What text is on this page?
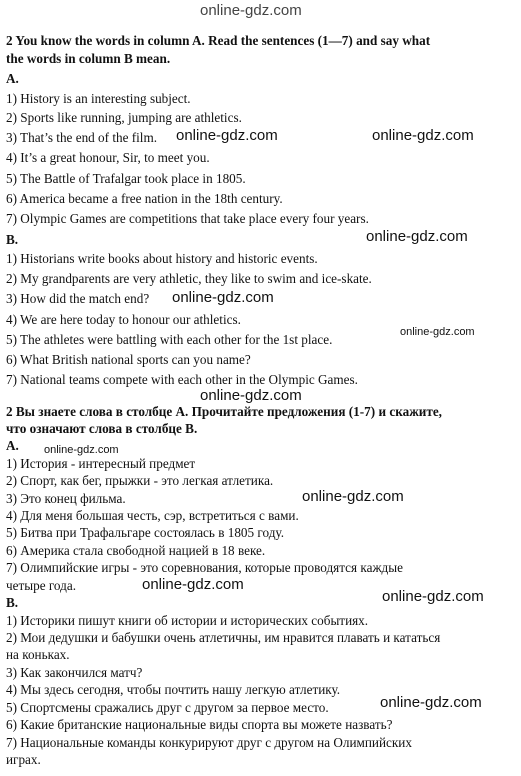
2 You know the words in column A. Read the sentences (1—7) and say what
the words in column B mean.
A.
1) History is an interesting subject.
2) Sports like running, jumping are athletics.
3) That’s the end of the film.
4) It’s a great honour, Sir, to meet you.
5) The Battle of Trafalgar took place in 1805.
6) America became a free nation in the 18th century.
7) Olympic Games are competitions that take place every four years.
B.
1) Historians write books about history and historic events.
2) My grandparents are very athletic, they like to swim and ice-skate.
3) How did the match end?
4) We are here today to honour our athletics.
5) The athletes were battling with each other for the 1st place.
6) What British national sports can you name?
7) National teams compete with each other in the Olympic Games.
2 Вы знаете слова в столбце А. Прочитайте предложения (1-7) и скажите,
что означают слова в столбце В.
А.
1) История - интересный предмет
2) Спорт, как бег, прыжки - это легкая атлетика.
3) Это конец фильма.
4) Для меня большая честь, сэр, встретиться с вами.
5) Битва при Трафальгаре состоялась в 1805 году.
6) Америка стала свободной нацией в 18 веке.
7) Олимпийские игры - это соревнования, которые проводятся каждые
четыре года.
В.
1) Историки пишут книги об истории и исторических событиях.
2) Мои дедушки и бабушки очень атлетичны, им нравится плавать и кататься
на коньках.
3) Как закончился матч?
4) Мы здесь сегодня, чтобы почтить нашу легкую атлетику.
5) Спортсмены сражались друг с другом за первое место.
6) Какие британские национальные виды спорта вы можете назвать?
7) Национальные команды конкурируют друг с другом на Олимпийских
играх.
online-gdz.com
online-gdz.com	online-gdz.com
online-gdz.com
online-gdz.com
online-gdz.com
online-gdz.com
online-gdz.com
online-gdz.com
online-gdz.com
online-gdz.com
online-gdz.com
